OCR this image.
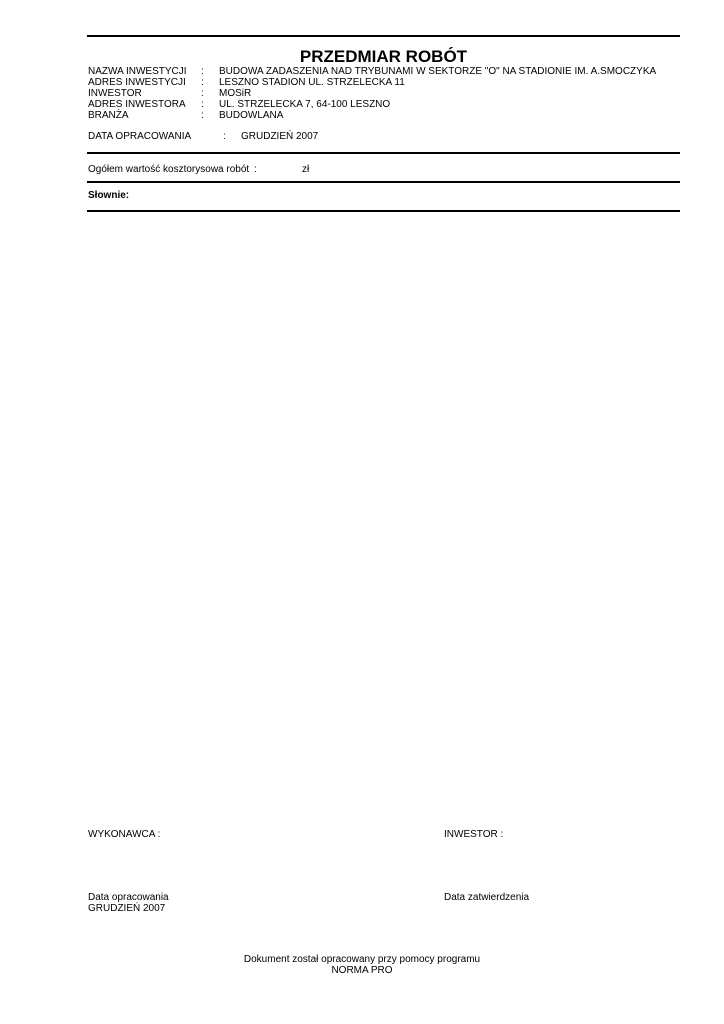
PRZEDMIAR ROBÓT
NAZWA INWESTYCJI : BUDOWA ZADASZENIA NAD TRYBUNAMI W SEKTORZE "O" NA STADIONIE IM. A.SMOCZYKA
ADRES INWESTYCJI : LESZNO STADION UL. STRZELECKA 11
INWESTOR	: MOSiR
ADRES INWESTORA : UL. STRZELECKA 7, 64-100 LESZNO
BRANŻA	: BUDOWLANA
DATA OPRACOWANIA	: GRUDZIEŃ 2007
Ogółem wartość kosztorysowa robót :	zł
Słownie:
WYKONAWCA :	INWESTOR :
Data opracowania
GRUDZIEŃ 2007
Data zatwierdzenia
Dokument został opracowany przy pomocy programu
NORMA PRO
